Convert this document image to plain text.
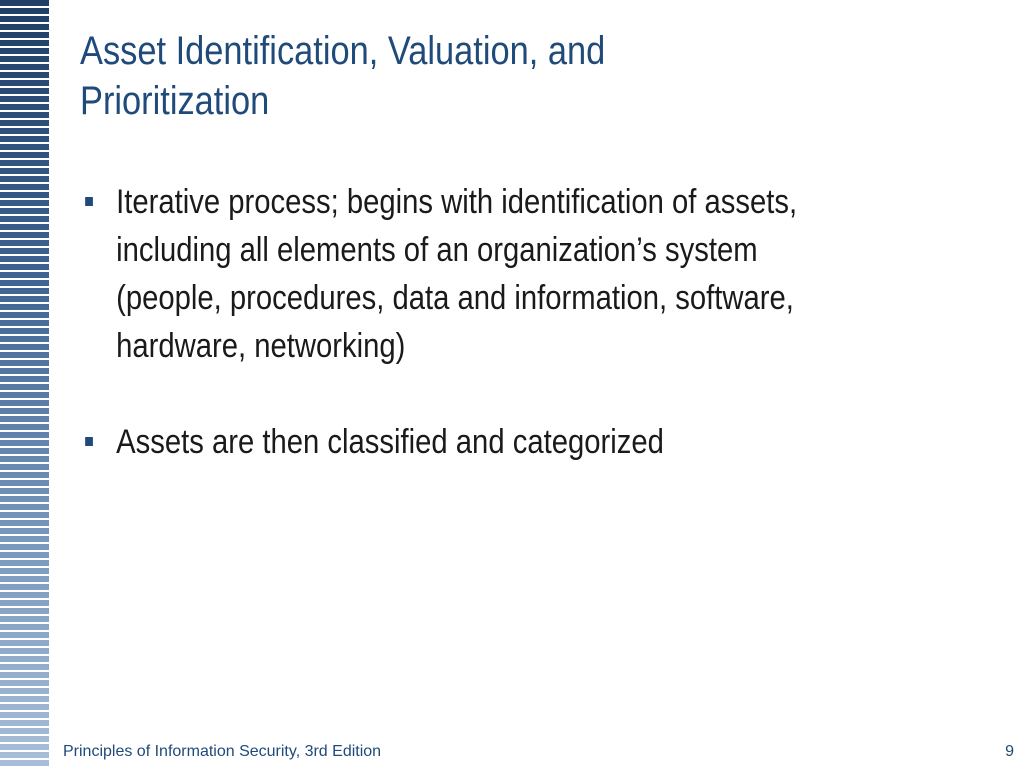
Asset Identification, Valuation, and
Prioritization
Iterative process; begins with identification of assets,
including all elements of an organization’s system
(people, procedures, data and information, software,
hardware, networking)
Assets are then classified and categorized
Principles of Information Security, 3rd Edition	9
